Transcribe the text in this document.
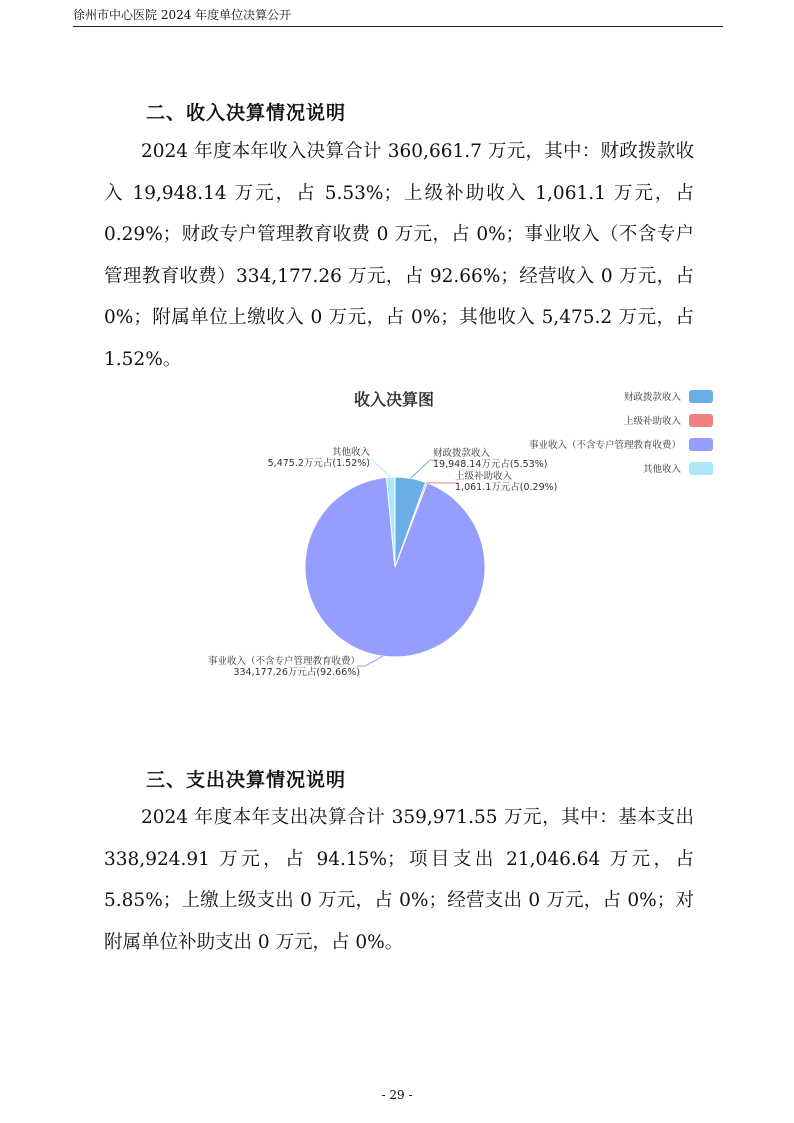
徐州市中心医院 2024 年度单位决算公开
二、收入决算情况说明

2024 年度本年收入决算合计 360,661.7 万元，其中：财政拨款收入 19,948.14 万元，占 5.53%；上级补助收入 1,061.1 万元，占 0.29%；财政专户管理教育收费 0 万元，占 0%；事业收入（不含专户管理教育收费）334,177.26 万元，占 92.66%；经营收入 0 万元，占 0%；附属单位上缴收入 0 万元，占 0%；其他收入 5,475.2 万元，占 1.52%。

收入决算图
财政拨款收入
19,948.14万元占(5.53%)
上级补助收入
1,061.1万元占(0.29%)
事业收入（不含专户管理教育收费）
334,177.26万元占(92.66%)
其他收入
5,475.2万元占(1.52%)
财政拨款收入
上级补助收入
事业收入（不含专户管理教育收费）
其他收入
三、支出决算情况说明

2024 年度本年支出决算合计 359,971.55 万元，其中：基本支出 338,924.91 万元，占 94.15%；项目支出 21,046.64 万元，占 5.85%；上缴上级支出 0 万元，占 0%；经营支出 0 万元，占 0%；对附属单位补助支出 0 万元，占 0%。

- 29 -
